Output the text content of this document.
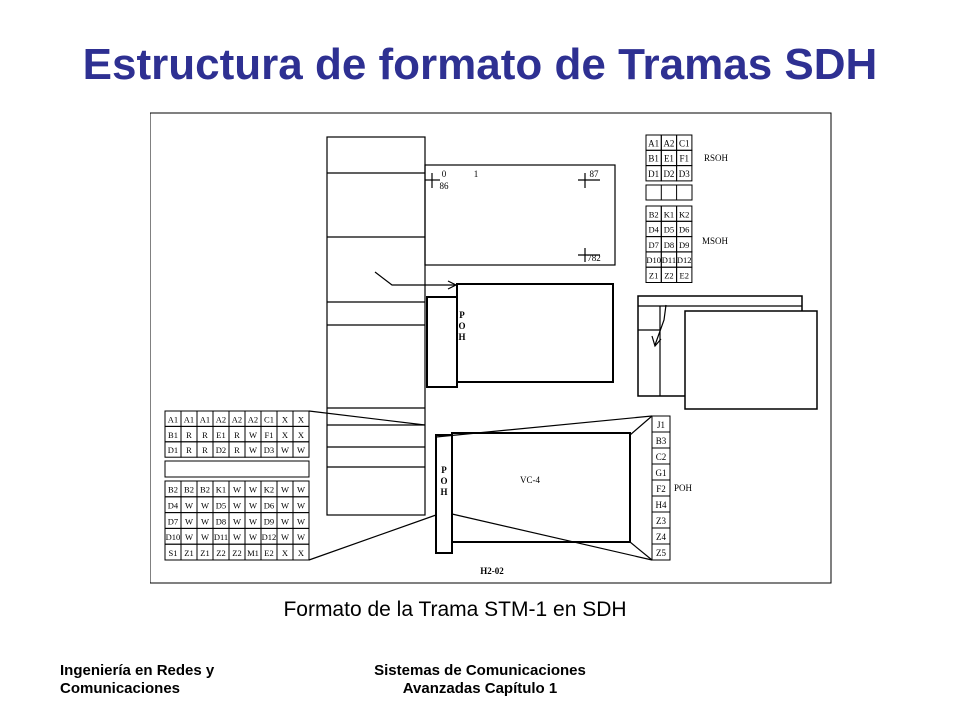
Estructura de formato de Tramas SDH
A1 A2 C1
B1 E1 F1
D1 D2 D3
B2 K1 K2
D4 D5 D6
D7 D8 D9
D10 D11 D12
Z1 Z2 E2
RSOH
MSOH
A1 A1 A1 A2 A2 A2 C1 X X
B1 R R E1 R W F1 X X
D1 R R D2 R W D3 W W
B2 B2 B2 K1 W W K2 W W
D4 W W D5 W W D6 W W
D7 W W D8 W W D9 W W
D10 W W D11 W W D12 W W
S1 Z1 Z1 Z2 Z2 M1 E2 X X
J1
B3
C2
G1
F2
H4
Z3
Z4
Z5
POH
P
P
O
O
H
H
VC-4
0	1	87
86
782
H2-02
Formato de la Trama STM-1 en SDH
Ingeniería en Redes y
Comunicaciones
Sistemas de Comunicaciones
Avanzadas Capítulo 1
